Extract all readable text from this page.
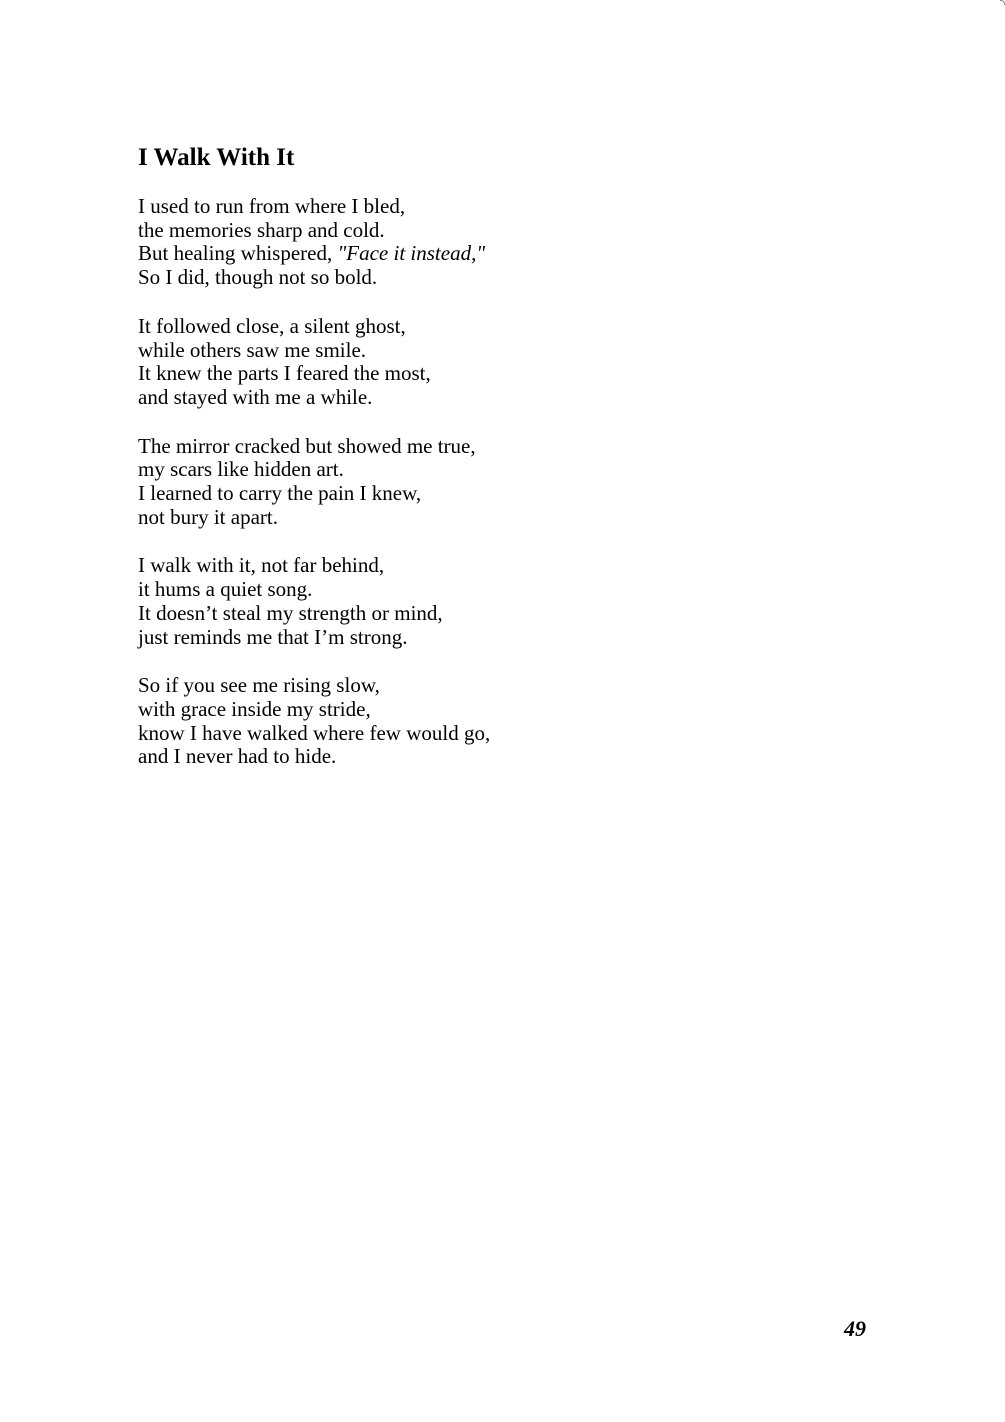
I Walk With It
I used to run from where I bled,
the memories sharp and cold.
But healing whispered, "Face it instead,"
So I did, though not so bold.
It followed close, a silent ghost,
while others saw me smile.
It knew the parts I feared the most,
and stayed with me a while.
The mirror cracked but showed me true,
my scars like hidden art.
I learned to carry the pain I knew,
not bury it apart.
I walk with it, not far behind,
it hums a quiet song.
It doesn’t steal my strength or mind,
just reminds me that I’m strong.
So if you see me rising slow,
with grace inside my stride,
know I have walked where few would go,
and I never had to hide.
49
